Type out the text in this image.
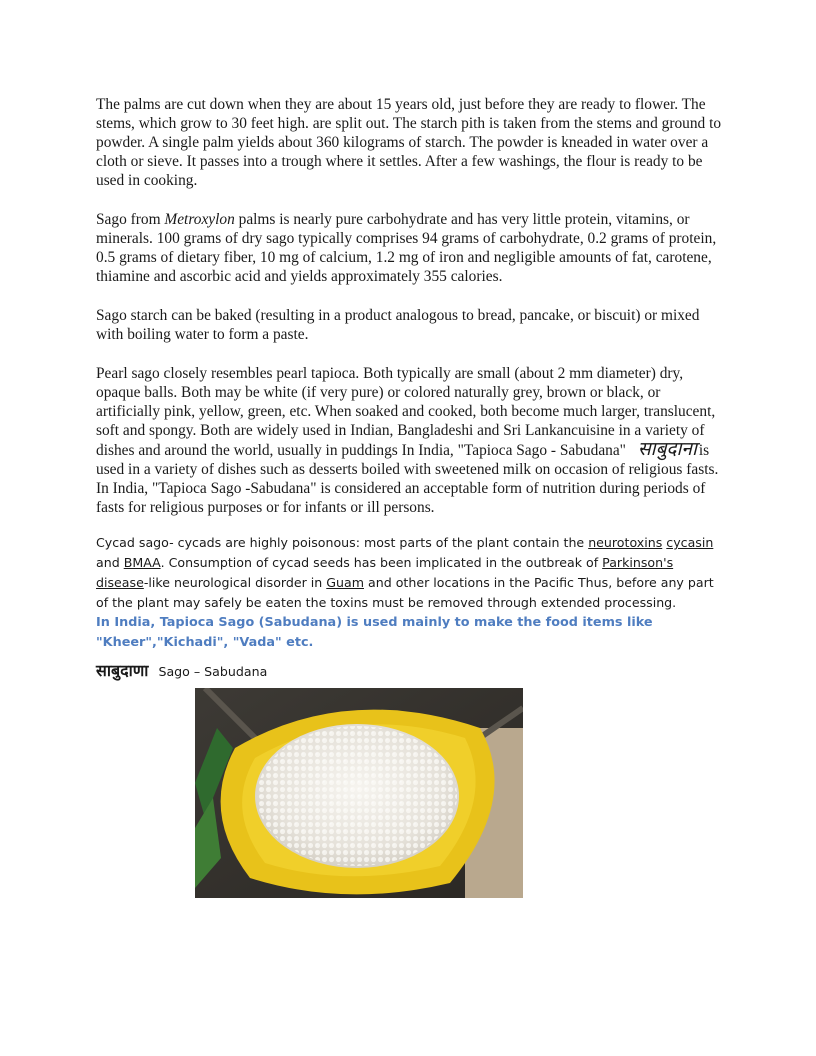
The palms are cut down when they are about 15 years old, just before they are ready to flower. The stems, which grow to 30 feet high. are split out. The starch pith is taken from the stems and ground to powder. A single palm yields about 360 kilograms of starch. The powder is kneaded in water over a cloth or sieve. It passes into a trough where it settles. After a few washings, the flour is ready to be used in cooking.

Sago from Metroxylon palms is nearly pure carbohydrate and has very little protein, vitamins, or minerals. 100 grams of dry sago typically comprises 94 grams of carbohydrate, 0.2 grams of protein, 0.5 grams of dietary fiber, 10 mg of calcium, 1.2 mg of iron and negligible amounts of fat, carotene, thiamine and ascorbic acid and yields approximately 355 calories.

Sago starch can be baked (resulting in a product analogous to bread, pancake, or biscuit) or mixed with boiling water to form a paste.

Pearl sago closely resembles pearl tapioca. Both typically are small (about 2 mm diameter) dry, opaque balls. Both may be white (if very pure) or colored naturally grey, brown or black, or artificially pink, yellow, green, etc. When soaked and cooked, both become much larger, translucent, soft and spongy. Both are widely used in Indian, Bangladeshi and Sri Lankancuisine in a variety of dishes and around the world, usually in puddings In India, "Tapioca Sago - Sabudana" साबुदाना is used in a variety of dishes such as desserts boiled with sweetened milk on occasion of religious fasts. In India, "Tapioca Sago -Sabudana" is considered an acceptable form of nutrition during periods of fasts for religious purposes or for infants or ill persons.

Cycad sago- cycads are highly poisonous: most parts of the plant contain the neurotoxins cycasin and BMAA. Consumption of cycad seeds has been implicated in the outbreak of Parkinson's disease-like neurological disorder in Guam and other locations in the Pacific Thus, before any part of the plant may safely be eaten the toxins must be removed through extended processing.

In India, Tapioca Sago (Sabudana) is used mainly to make the food items like "Kheer","Kichadi", "Vada" etc.

साबुदाणा Sago – Sabudana
